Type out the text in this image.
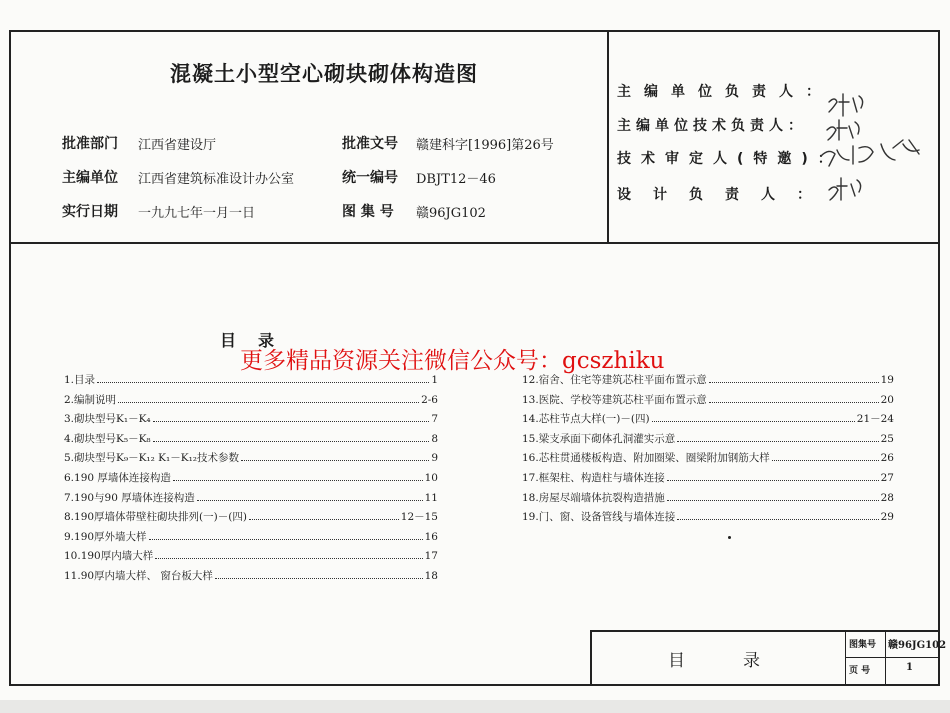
混凝土小型空心砌块砌体构造图
批准部门 江西省建设厅
主编单位 江西省建筑标准设计办公室
实行日期 一九九七年一月一日
批准文号 赣建科字[1996]第26号
统一编号 DBJT12－46
图 集 号 赣96JG102
主编单位负责人：
主编单位技术负责人：
技术审定人(特邀)：
设计负责人：
目录
更多精品资源关注微信公众号：gcszhiku
1.目录	1
2.编制说明	2-6
3.砌块型号K₁－K₄	7
4.砌块型号K₅－K₈	8
5.砌块型号K₉－K₁₂ K₁－K₁₂技术参数	9
6.190 厚墙体连接构造	10
7.190与90 厚墙体连接构造	11
8.190厚墙体带壁柱砌块排列(一)－(四)	12－15
9.190厚外墙大样	16
10.190厚内墙大样	17
11.90厚内墙大样、 窗台板大样	18
12.宿舍、住宅等建筑芯柱平面布置示意	19
13.医院、学校等建筑芯柱平面布置示意	20
14.芯柱节点大样(一)－(四)	21－24
15.梁支承面下砌体孔洞灌实示意	25
16.芯柱贯通楼板构造、附加圈梁、圈梁附加钢筋大样	26
17.框架柱、构造柱与墙体连接	27
18.房屋尽端墙体抗裂构造措施	28
19.门、窗、设备管线与墙体连接	29
目录
图集号 赣96JG102
页 号	1
